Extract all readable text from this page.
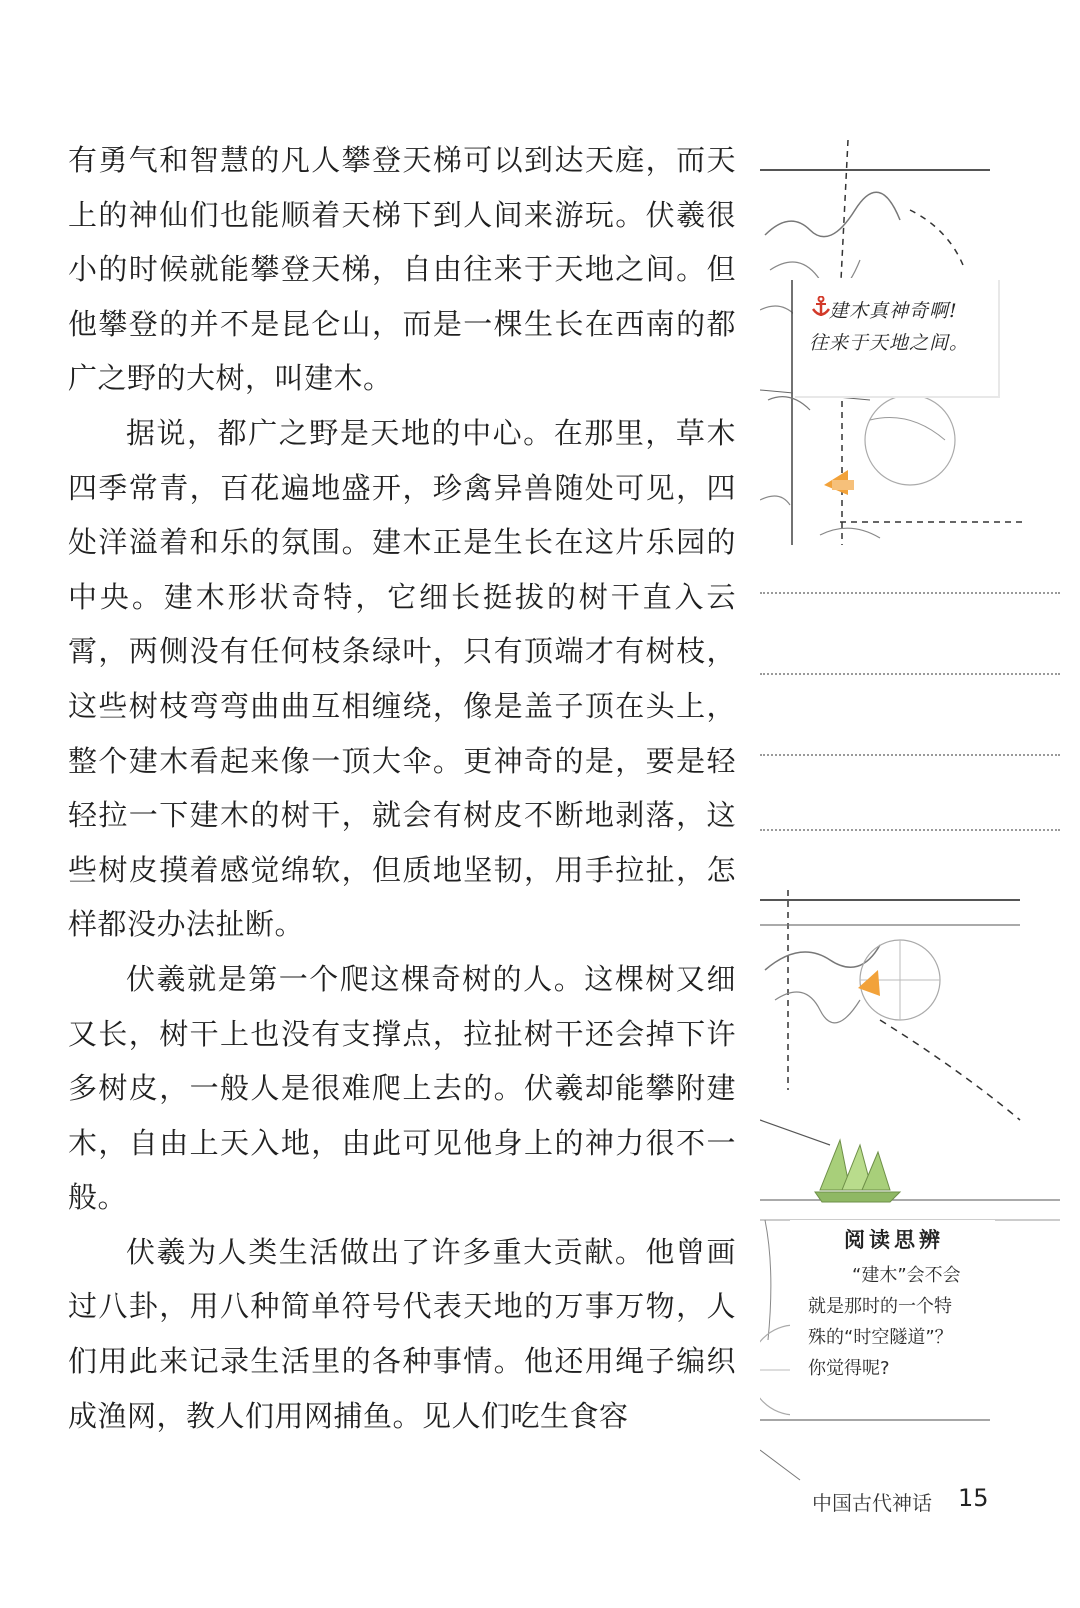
有勇气和智慧的凡人攀登天梯可以到达天庭，而天上的神仙们也能顺着天梯下到人间来游玩。伏羲很小的时候就能攀登天梯，自由往来于天地之间。但他攀登的并不是昆仑山，而是一棵生长在西南的都广之野的大树，叫建木。

据说，都广之野是天地的中心。在那里，草木四季常青，百花遍地盛开，珍禽异兽随处可见，四处洋溢着和乐的氛围。建木正是生长在这片乐园的中央。建木形状奇特，它细长挺拔的树干直入云霄，两侧没有任何枝条绿叶，只有顶端才有树枝，这些树枝弯弯曲曲互相缠绕，像是盖子顶在头上，整个建木看起来像一顶大伞。更神奇的是，要是轻轻拉一下建木的树干，就会有树皮不断地剥落，这些树皮摸着感觉绵软，但质地坚韧，用手拉扯，怎样都没办法扯断。

伏羲就是第一个爬这棵奇树的人。这棵树又细又长，树干上也没有支撑点，拉扯树干还会掉下许多树皮，一般人是很难爬上去的。伏羲却能攀附建木，自由上天入地，由此可见他身上的神力很不一般。

伏羲为人类生活做出了许多重大贡献。他曾画过八卦，用八种简单符号代表天地的万事万物，人们用此来记录生活里的各种事情。他还用绳子编织成渔网，教人们用网捕鱼。见人们吃生食容

建木真神奇啊!
往来于天地之间。
阅读思辨
“建木”会不会
就是那时的一个特
殊的“时空隧道”？
你觉得呢?
中国古代神话 15
